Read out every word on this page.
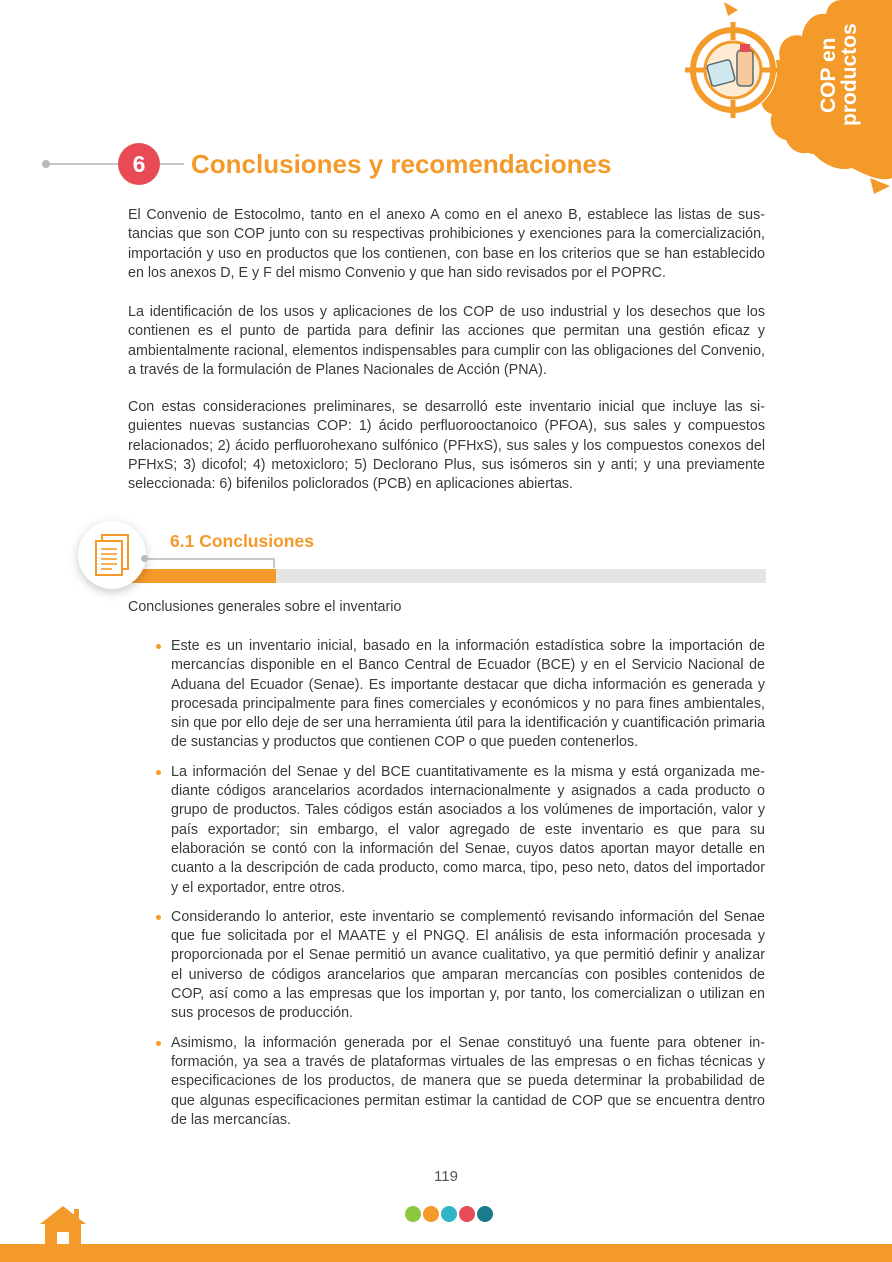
COP en productos
6	Conclusiones y recomendaciones

El Convenio de Estocolmo, tanto en el anexo A como en el anexo B, establece las listas de sustancias que son COP junto con su respectivas prohibiciones y exenciones para la comercialización, importación y uso en productos que los contienen, con base en los criterios que se han establecido en los anexos D, E y F del mismo Convenio y que han sido revisados por el POPRC.

La identificación de los usos y aplicaciones de los COP de uso industrial y los desechos que los contienen es el punto de partida para definir las acciones que permitan una gestión eficaz y ambientalmente racional, elementos indispensables para cumplir con las obligaciones del Convenio, a través de la formulación de Planes Nacionales de Acción (PNA).

Con estas consideraciones preliminares, se desarrolló este inventario inicial que incluye las siguientes nuevas sustancias COP: 1) ácido perfluorooctanoico (PFOA), sus sales y compuestos relacionados; 2) ácido perfluorohexano sulfónico (PFHxS), sus sales y los compuestos conexos del PFHxS; 3) dicofol; 4) metoxicloro; 5) Declorano Plus, sus isómeros sin y anti; y una previamente seleccionada: 6) bifenilos policlorados (PCB) en aplicaciones abiertas.

6.1 Conclusiones

Conclusiones generales sobre el inventario

Este es un inventario inicial, basado en la información estadística sobre la importación de mercancías disponible en el Banco Central de Ecuador (BCE) y en el Servicio Nacional de Aduana del Ecuador (Senae). Es importante destacar que dicha información es generada y procesada principalmente para fines comerciales y económicos y no para fines ambientales, sin que por ello deje de ser una herramienta útil para la identificación y cuantificación primaria de sustancias y productos que contienen COP o que pueden contenerlos.
La información del Senae y del BCE cuantitativamente es la misma y está organizada mediante códigos arancelarios acordados internacionalmente y asignados a cada producto o grupo de productos. Tales códigos están asociados a los volúmenes de importación, valor y país exportador; sin embargo, el valor agregado de este inventario es que para su elaboración se contó con la información del Senae, cuyos datos aportan mayor detalle en cuanto a la descripción de cada producto, como marca, tipo, peso neto, datos del importador y el exportador, entre otros.
Considerando lo anterior, este inventario se complementó revisando información del Senae que fue solicitada por el MAATE y el PNGQ. El análisis de esta información procesada y proporcionada por el Senae permitió un avance cualitativo, ya que permitió definir y analizar el universo de códigos arancelarios que amparan mercancías con posibles contenidos de COP, así como a las empresas que los importan y, por tanto, los comercializan o utilizan en sus procesos de producción.
Asimismo, la información generada por el Senae constituyó una fuente para obtener información, ya sea a través de plataformas virtuales de las empresas o en fichas técnicas y especificaciones de los productos, de manera que se pueda determinar la probabilidad de que algunas especificaciones permitan estimar la cantidad de COP que se encuentra dentro de las mercancías.
119
